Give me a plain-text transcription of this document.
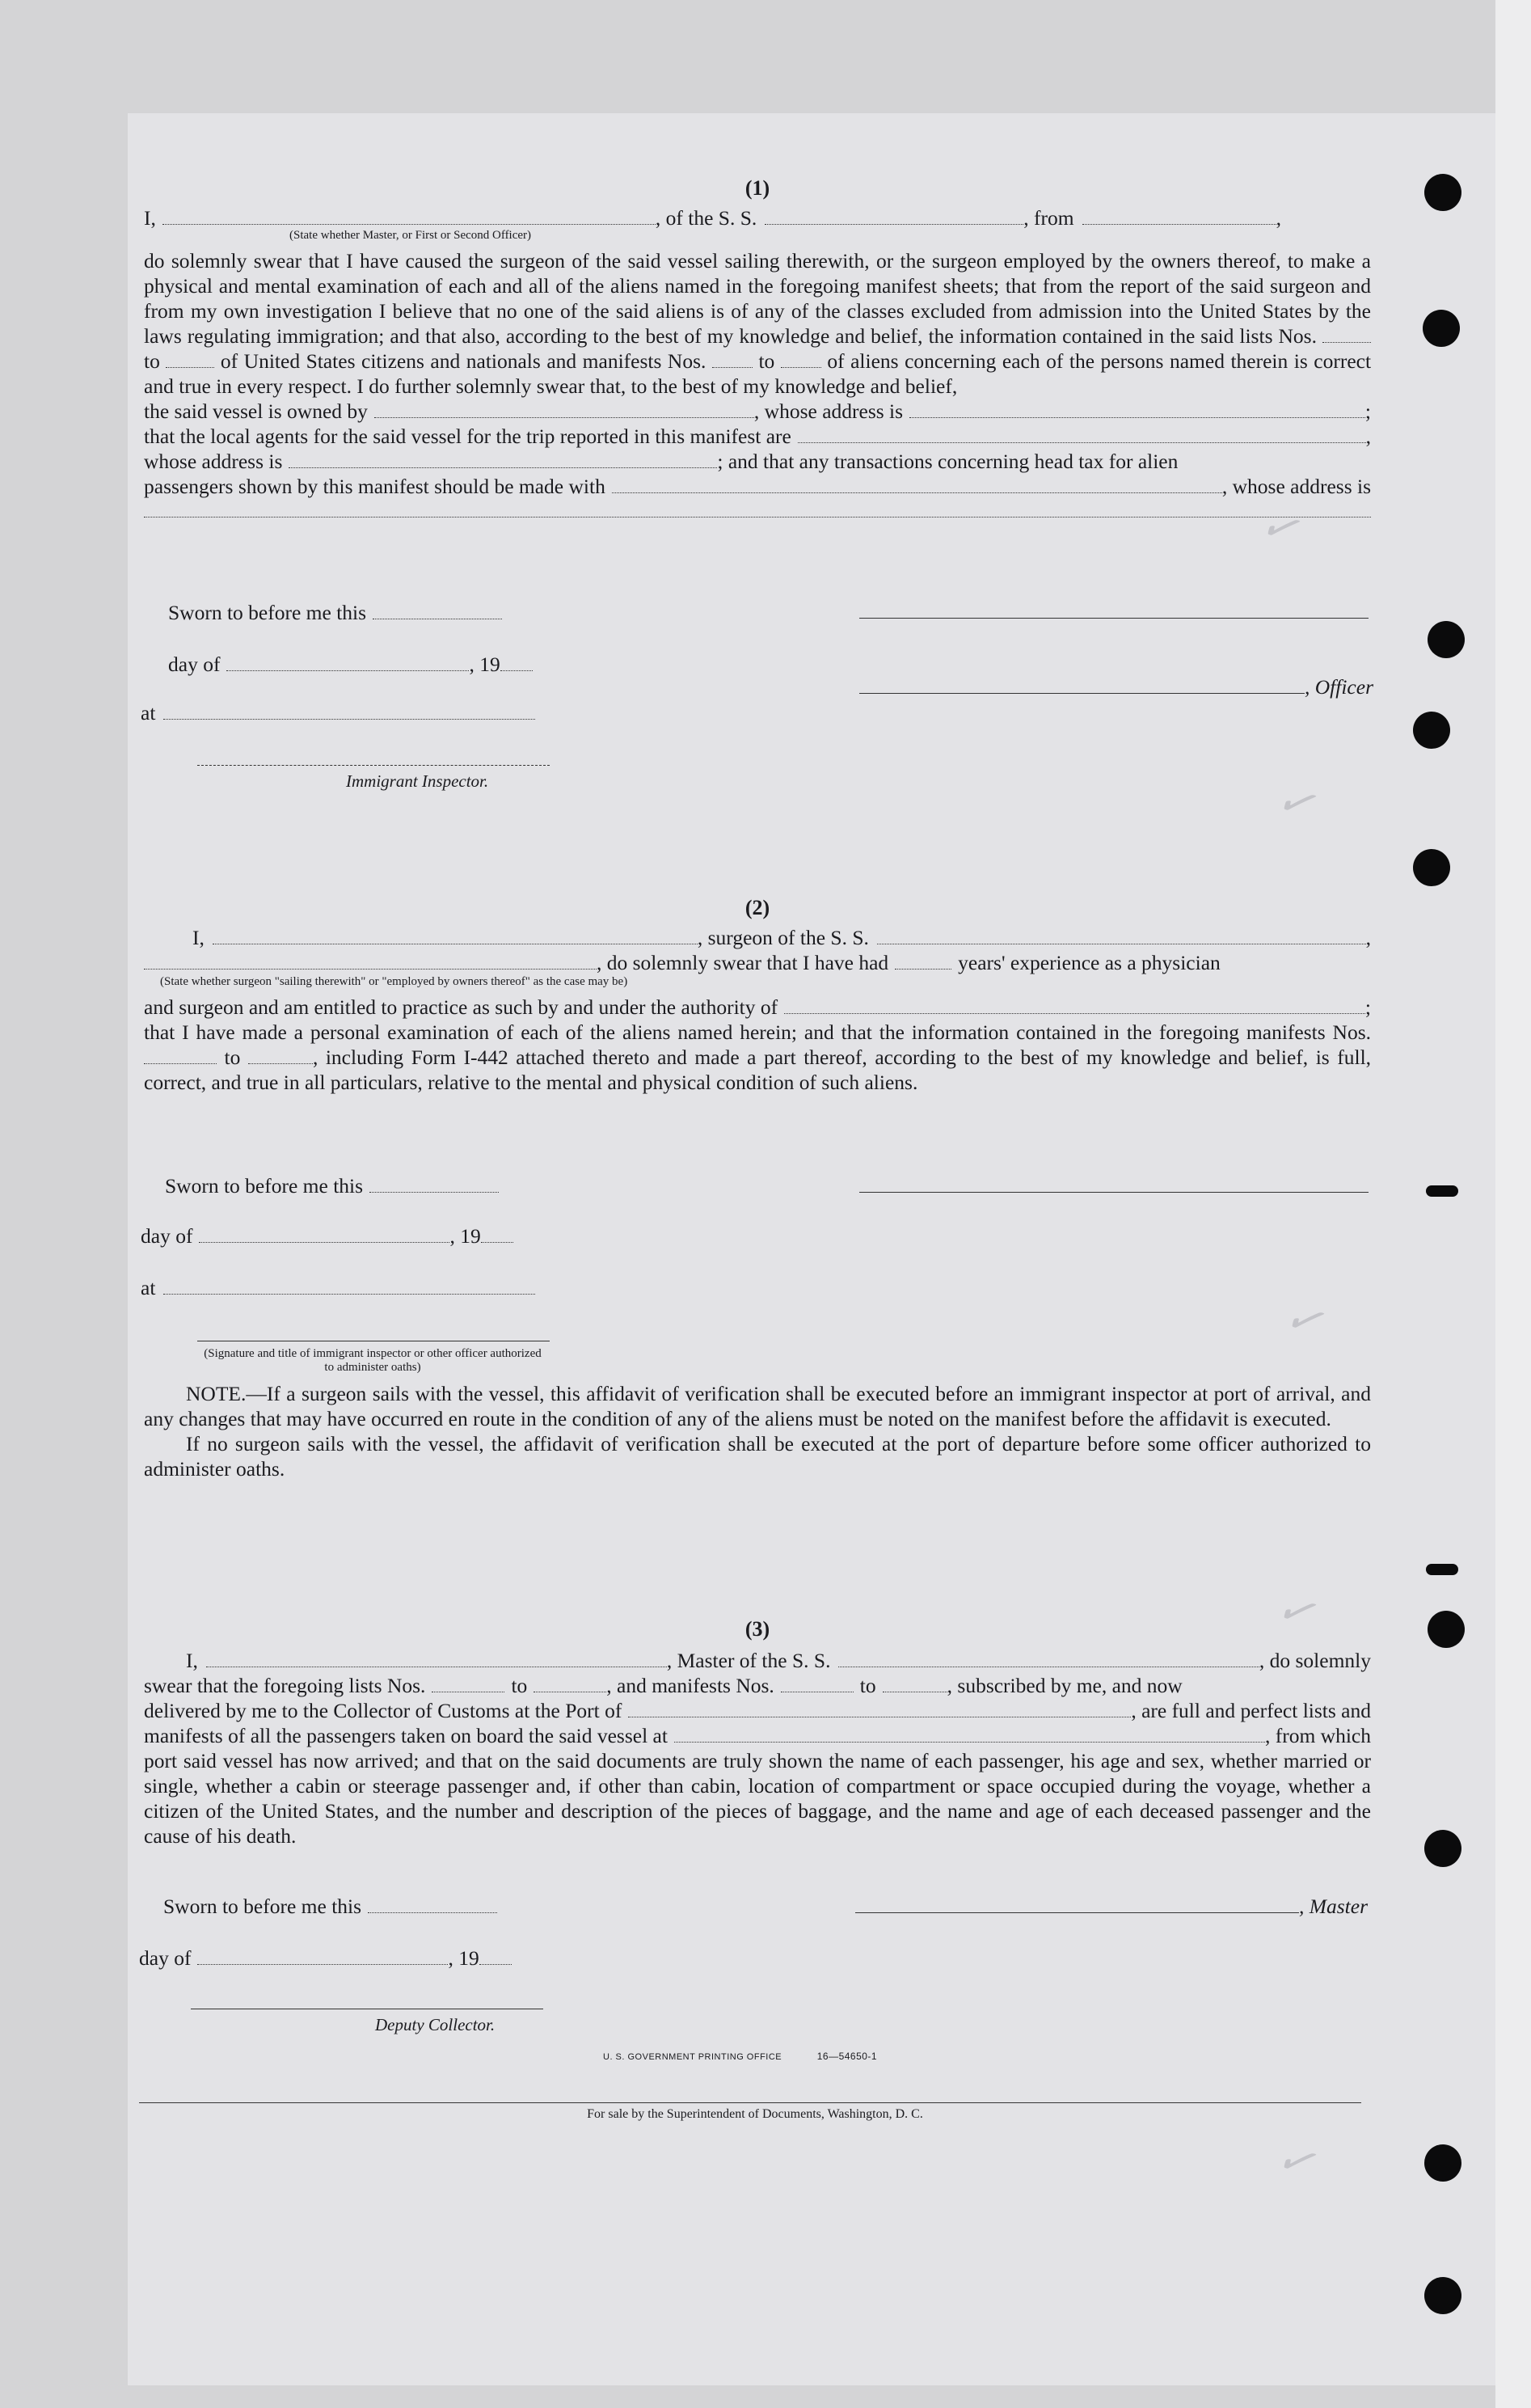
✓
✓
✓
✓
✓
(1)
I,	, of the S. S.	, from	,
(State whether Master, or First or Second Officer)
do solemnly swear that I have caused the surgeon of the said vessel sailing therewith, or the surgeon employed by the owners thereof, to make a physical and mental examination of each and all of the aliens named in the foregoing manifest sheets; that from the report of the said surgeon and from my own investigation I believe that no one of the said aliens is of any of the classes excluded from admission into the United States by the laws regulating immigration; and that also, according to the best of my knowledge and belief, the information contained in the said lists Nos.  to	of United States citizens and nationals and manifests Nos.	to	of aliens concerning each of the persons named therein is correct and true in every respect. I do further solemnly swear that, to the best of my knowledge and belief,
the said vessel is owned by	, whose address is	;
that the local agents for the said vessel for the trip reported in this manifest are	,
whose address is	; and that any transactions concerning head tax for alien
passengers shown by this manifest should be made with	, whose address is
Sworn to before me this
day of	, 19
, Officer
at
Immigrant Inspector.
(2)
I,	, surgeon of the S. S.	,
, do solemnly swear that I have had	years' experience as a physician
(State whether surgeon "sailing therewith" or "employed by owners thereof" as the case may be)
and surgeon and am entitled to practice as such by and under the authority of	;
that I have made a personal examination of each of the aliens named herein; and that the information contained in the foregoing manifests Nos.  to	, including Form I-442 attached thereto and made a part thereof, according to the best of my knowledge and belief, is full, correct, and true in all particulars, relative to the mental and physical condition of such aliens.
Sworn to before me this
day of	, 19
at
(Signature and title of immigrant inspector or other officer authorized to administer oaths)

NOTE.—If a surgeon sails with the vessel, this affidavit of verification shall be executed before an immigrant inspector at port of arrival, and any changes that may have occurred en route in the condition of any of the aliens must be noted on the manifest before the affidavit is executed.

If no surgeon sails with the vessel, the affidavit of verification shall be executed at the port of departure before some officer authorized to administer oaths.

(3)
I,	, Master of the S. S.	, do solemnly
swear that the foregoing lists Nos.	to	, and manifests Nos.	to	, subscribed by me, and now
delivered by me to the Collector of Customs at the Port of	, are full and perfect lists and
manifests of all the passengers taken on board the said vessel at	, from which
port said vessel has now arrived; and that on the said documents are truly shown the name of each passenger, his age and sex, whether married or single, whether a cabin or steerage passenger and, if other than cabin, location of compartment or space occupied during the voyage, whether a citizen of the United States, and the number and description of the pieces of baggage, and the name and age of each deceased passenger and the cause of his death.
Sworn to before me this	, Master
day of	, 19
Deputy Collector.
U. S. GOVERNMENT PRINTING OFFICE	16—54650-1
For sale by the Superintendent of Documents, Washington, D. C.
